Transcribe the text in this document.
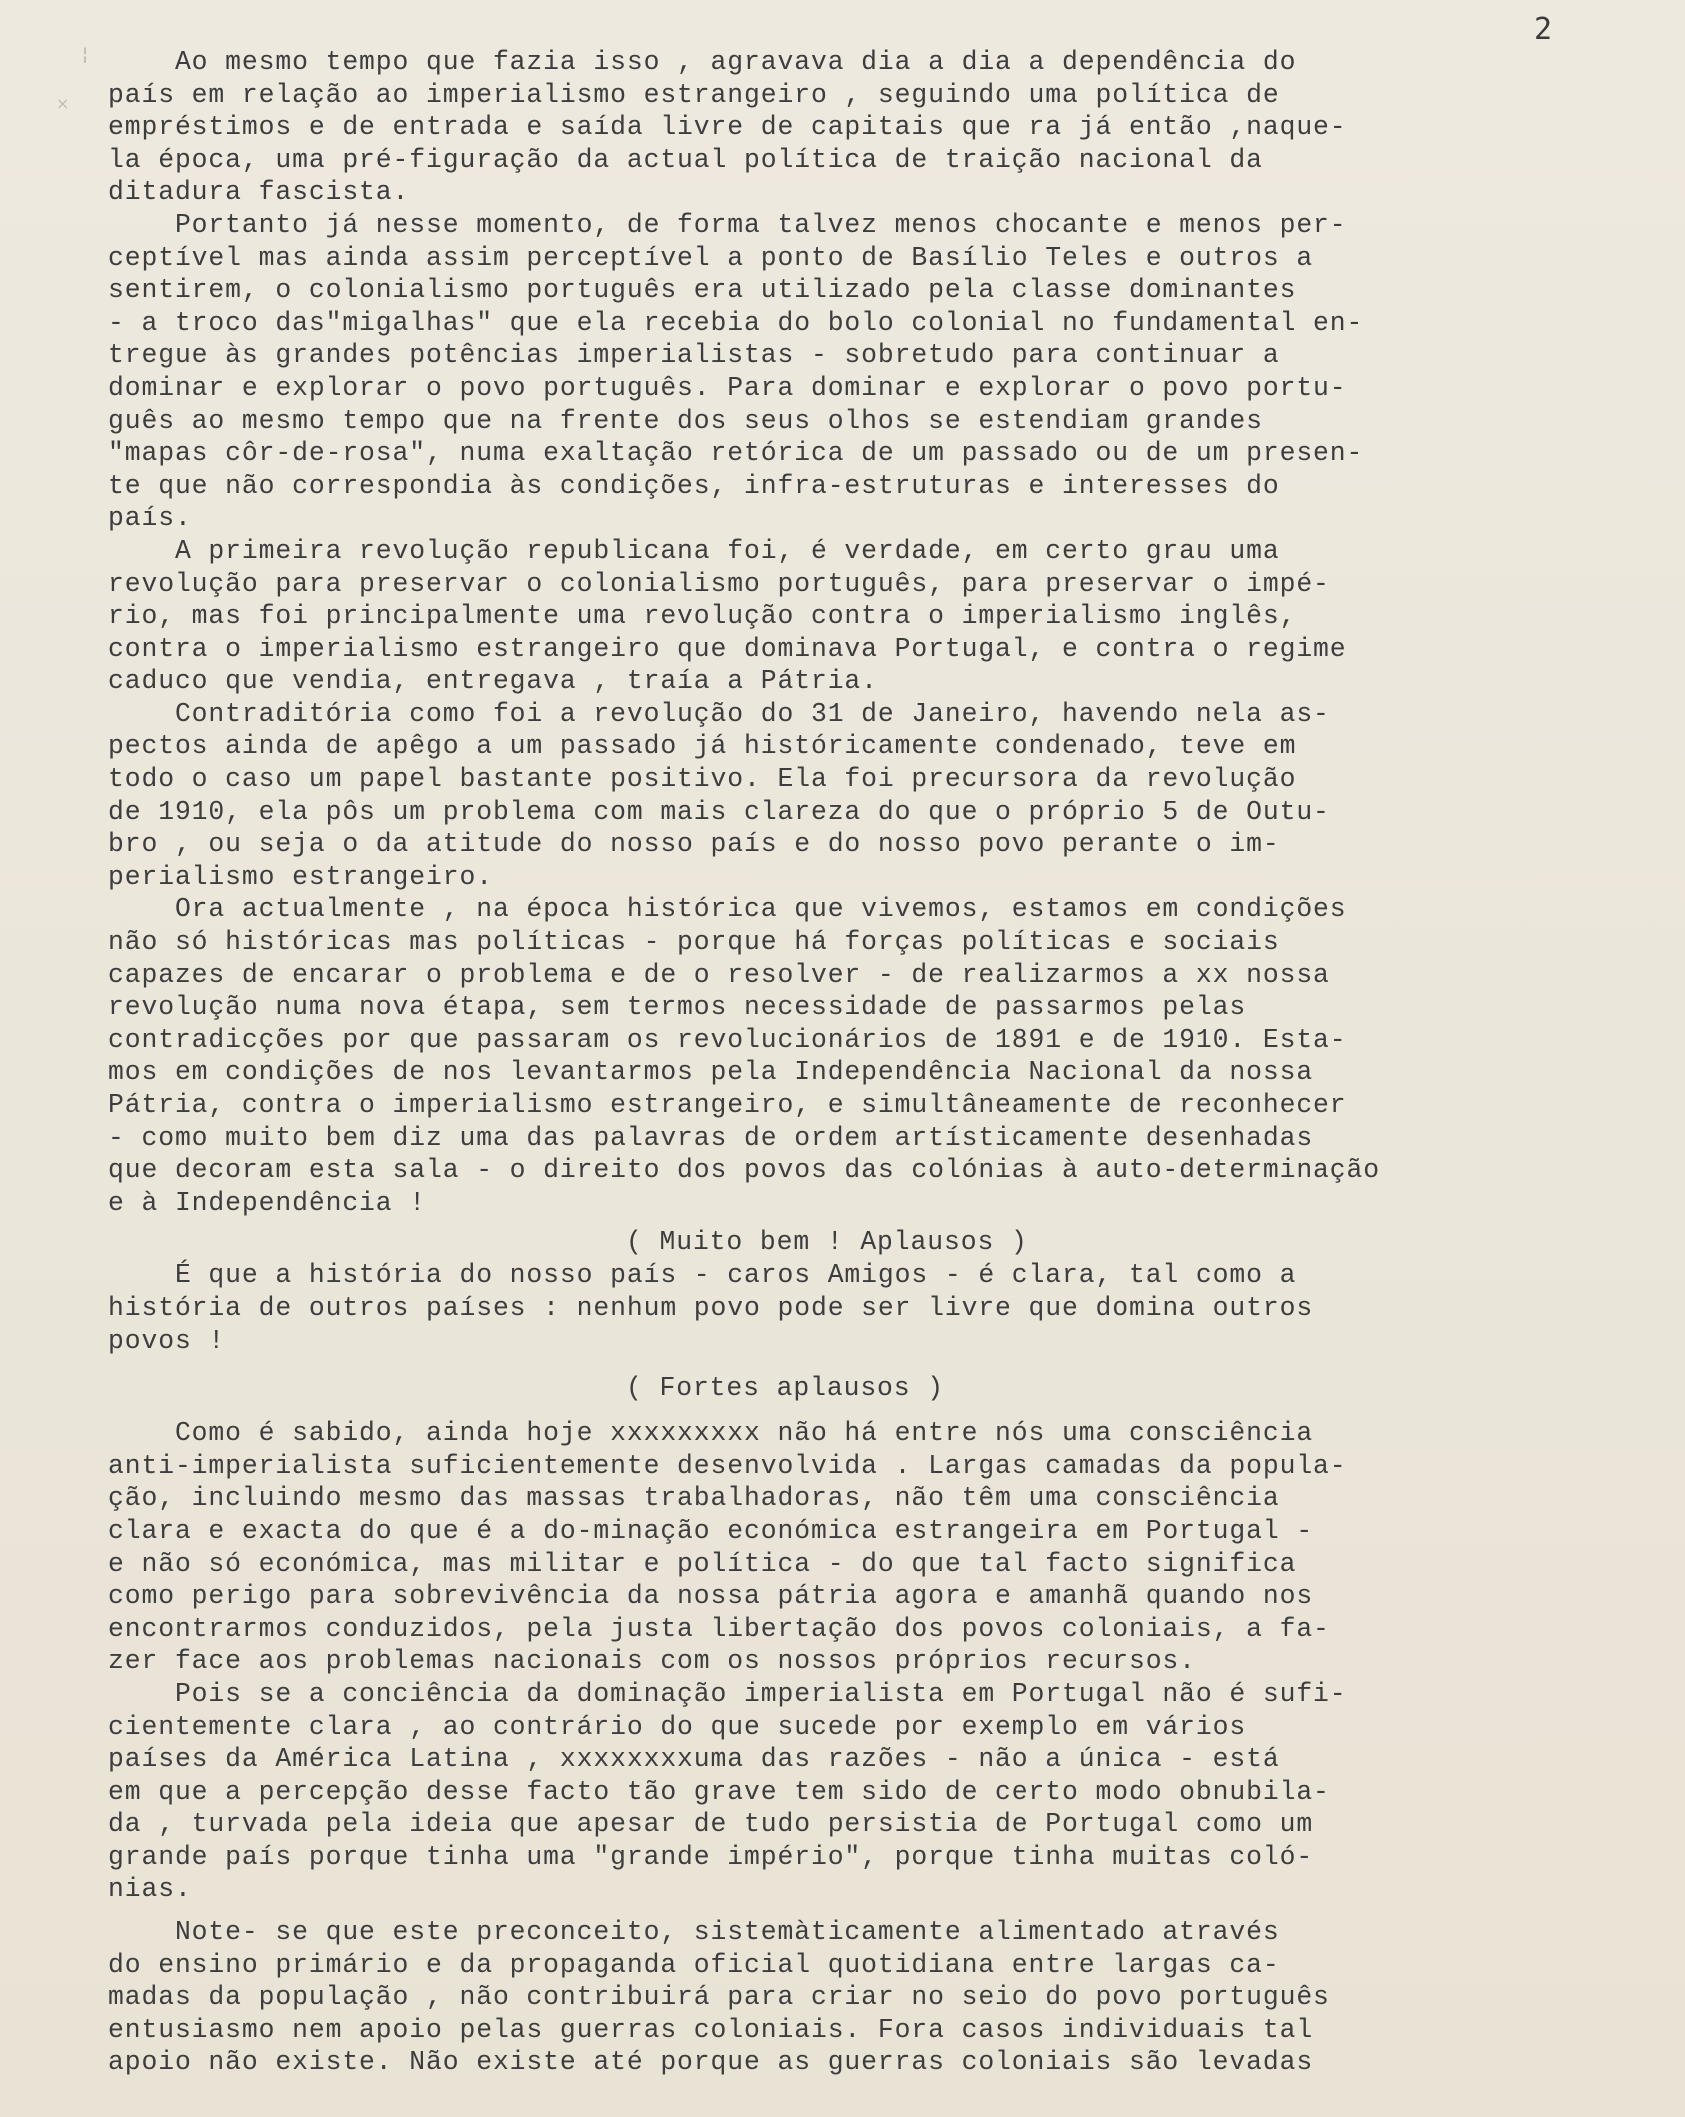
¦
×
2
Ao mesmo tempo que fazia isso , agravava dia a dia a dependência do
país em relação ao imperialismo estrangeiro , seguindo uma política de
empréstimos e de entrada e saída livre de capitais que ra já então ,naque-
la época, uma pré-figuração da actual política de traição nacional da
ditadura fascista.
Portanto já nesse momento, de forma talvez menos chocante e menos per-
ceptível mas ainda assim perceptível a ponto de Basílio Teles e outros a
sentirem, o colonialismo português era utilizado pela classe dominantes
- a troco das"migalhas" que ela recebia do bolo colonial no fundamental en-
tregue às grandes potências imperialistas - sobretudo para continuar a
dominar e explorar o povo português. Para dominar e explorar o povo portu-
guês ao mesmo tempo que na frente dos seus olhos se estendiam grandes
"mapas côr-de-rosa", numa exaltação retórica de um passado ou de um presen-
te que não correspondia às condições, infra-estruturas e interesses do
país.
A primeira revolução republicana foi, é verdade, em certo grau uma
revolução para preservar o colonialismo português, para preservar o impé-
rio, mas foi principalmente uma revolução contra o imperialismo inglês,
contra o imperialismo estrangeiro que dominava Portugal, e contra o regime
caduco que vendia, entregava , traía a Pátria.
Contraditória como foi a revolução do 31 de Janeiro, havendo nela as-
pectos ainda de apêgo a um passado já históricamente condenado, teve em
todo o caso um papel bastante positivo. Ela foi precursora da revolução
de 1910, ela pôs um problema com mais clareza do que o próprio 5 de Outu-
bro , ou seja o da atitude do nosso país e do nosso povo perante o im-
perialismo estrangeiro.
Ora actualmente , na época histórica que vivemos, estamos em condições
não só históricas mas políticas - porque há forças políticas e sociais
capazes de encarar o problema e de o resolver - de realizarmos a xx nossa
revolução numa nova étapa, sem termos necessidade de passarmos pelas
contradicções por que passaram os revolucionários de 1891 e de 1910. Esta-
mos em condições de nos levantarmos pela Independência Nacional da nossa
Pátria, contra o imperialismo estrangeiro, e simultâneamente de reconhecer
- como muito bem diz uma das palavras de ordem artísticamente desenhadas
que decoram esta sala - o direito dos povos das colónias à auto-determinação
e à Independência !
( Muito bem ! Aplausos )
É que a história do nosso país - caros Amigos - é clara, tal como a
história de outros países : nenhum povo pode ser livre que domina outros
povos !
( Fortes aplausos )
Como é sabido, ainda hoje xxxxxxxxx não há entre nós uma consciência
anti-imperialista suficientemente desenvolvida . Largas camadas da popula-
ção, incluindo mesmo das massas trabalhadoras, não têm uma consciência
clara e exacta do que é a do-minação económica estrangeira em Portugal -
e não só económica, mas militar e política - do que tal facto significa
como perigo para sobrevivência da nossa pátria agora e amanhã quando nos
encontrarmos conduzidos, pela justa libertação dos povos coloniais, a fa-
zer face aos problemas nacionais com os nossos próprios recursos.
Pois se a conciência da dominação imperialista em Portugal não é sufi-
cientemente clara , ao contrário do que sucede por exemplo em vários
países da América Latina , xxxxxxxxuma das razões - não a única - está
em que a percepção desse facto tão grave tem sido de certo modo obnubila-
da , turvada pela ideia que apesar de tudo persistia de Portugal como um
grande país porque tinha uma "grande império", porque tinha muitas coló-
nias.
Note- se que este preconceito, sistemàticamente alimentado através
do ensino primário e da propaganda oficial quotidiana entre largas ca-
madas da população , não contribuirá para criar no seio do povo português
entusiasmo nem apoio pelas guerras coloniais. Fora casos individuais tal
apoio não existe. Não existe até porque as guerras coloniais são levadas
